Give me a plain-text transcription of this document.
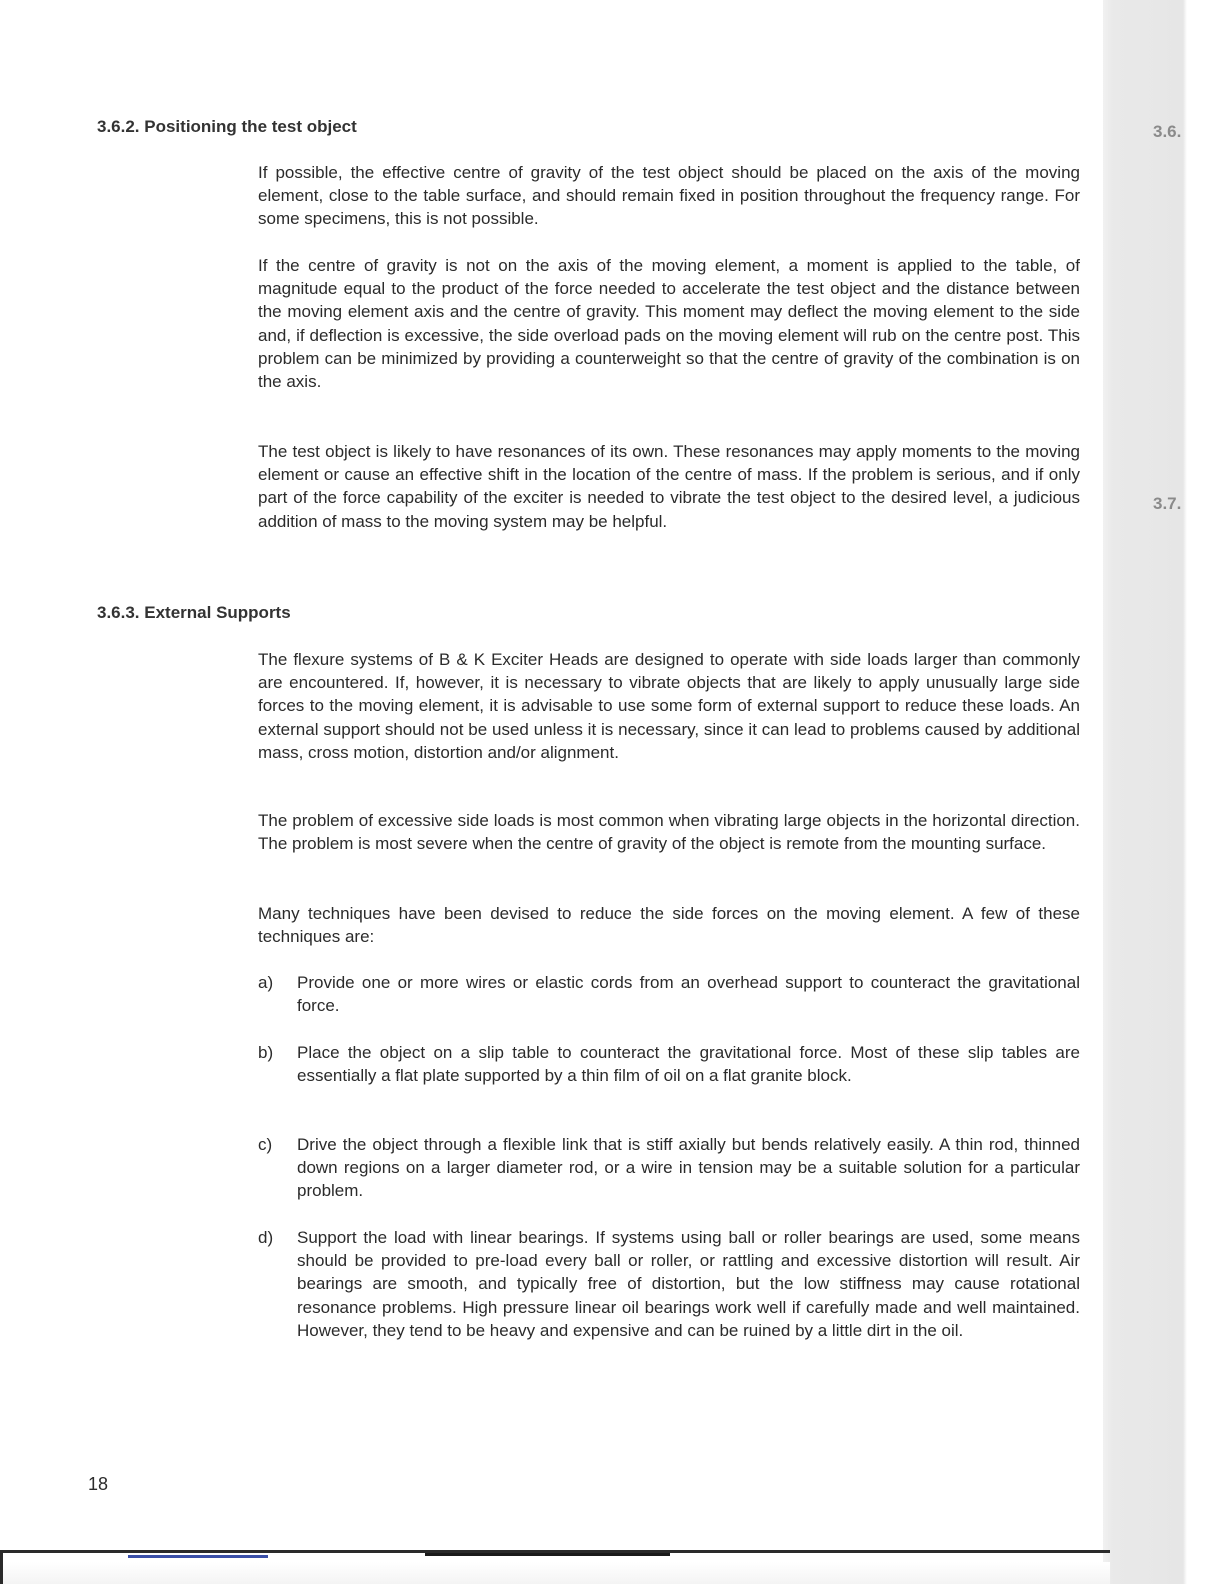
3.6.
3.7.
3.6.2. Positioning the test object

If possible, the effective centre of gravity of the test object should be placed on the axis of the moving element, close to the table surface, and should remain fixed in position throughout the frequency range. For some specimens, this is not possible.

If the centre of gravity is not on the axis of the moving element, a moment is applied to the table, of magnitude equal to the product of the force needed to accelerate the test object and the distance between the moving element axis and the centre of gravity. This moment may deflect the moving element to the side and, if deflection is excessive, the side overload pads on the moving element will rub on the centre post. This problem can be minimized by providing a counterweight so that the centre of gravity of the combination is on the axis.

The test object is likely to have resonances of its own. These resonances may apply moments to the moving element or cause an effective shift in the location of the centre of mass. If the problem is serious, and if only part of the force capability of the exciter is needed to vibrate the test object to the desired level, a judicious addition of mass to the moving system may be helpful.

3.6.3. External Supports

The flexure systems of B & K Exciter Heads are designed to operate with side loads larger than commonly are encountered. If, however, it is necessary to vibrate objects that are likely to apply unusually large side forces to the moving element, it is advisable to use some form of external support to reduce these loads. An external support should not be used unless it is necessary, since it can lead to problems caused by additional mass, cross motion, distortion and/or alignment.

The problem of excessive side loads is most common when vibrating large objects in the horizontal direction. The problem is most severe when the centre of gravity of the object is remote from the mounting surface.

Many techniques have been devised to reduce the side forces on the moving element. A few of these techniques are:

a) Provide one or more wires or elastic cords from an overhead support to counteract the gravitational force.
b) Place the object on a slip table to counteract the gravitational force. Most of these slip tables are essentially a flat plate supported by a thin film of oil on a flat granite block.
c) Drive the object through a flexible link that is stiff axially but bends relatively easily. A thin rod, thinned down regions on a larger diameter rod, or a wire in tension may be a suitable solution for a particular problem.
d) Support the load with linear bearings. If systems using ball or roller bearings are used, some means should be provided to pre-load every ball or roller, or rattling and excessive distortion will result. Air bearings are smooth, and typically free of distortion, but the low stiffness may cause rotational resonance problems. High pressure linear oil bearings work well if carefully made and well maintained. However, they tend to be heavy and expensive and can be ruined by a little dirt in the oil.
18
